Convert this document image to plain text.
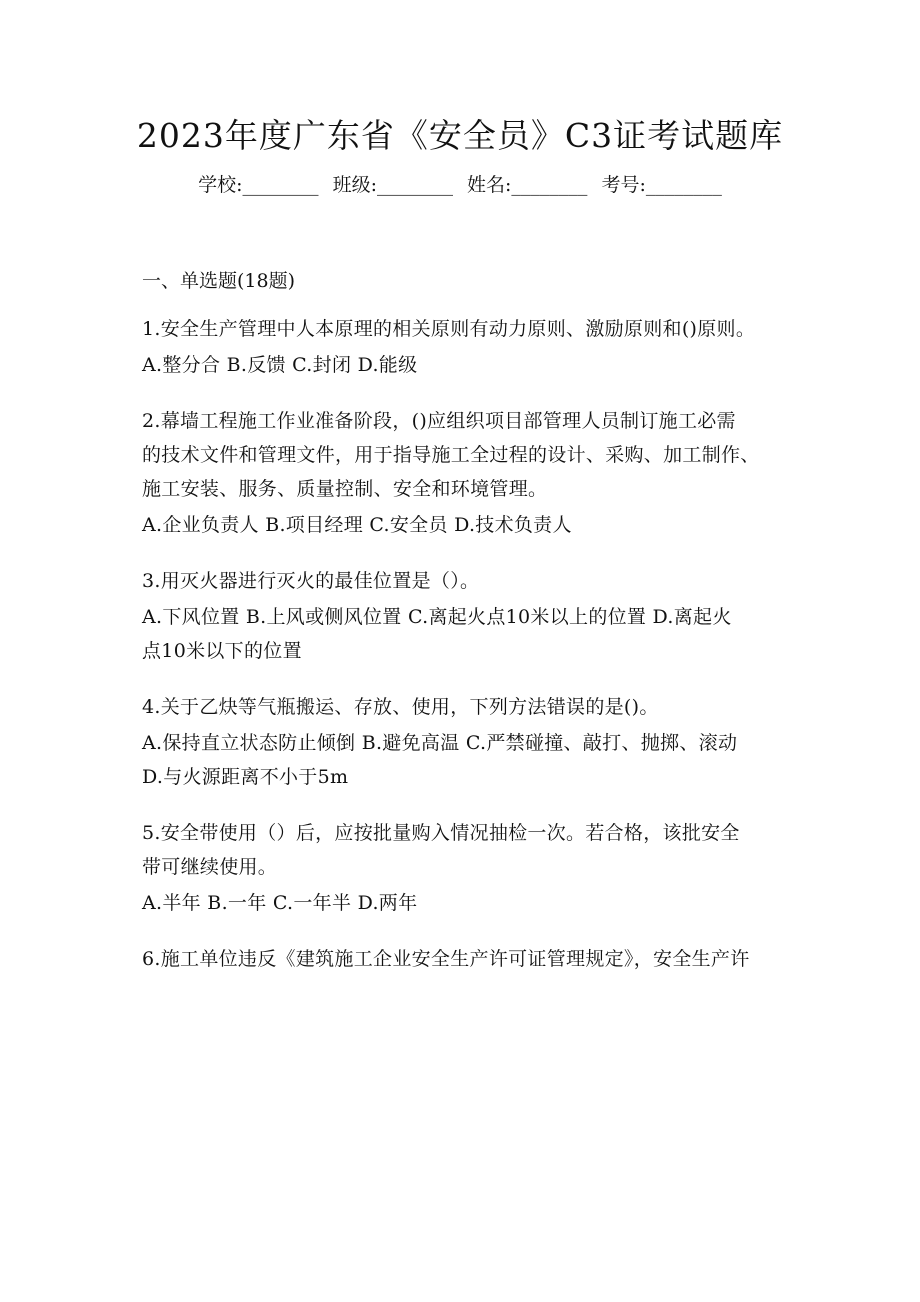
2023年度广东省《安全员》C3证考试题库
学校:________ 班级:________ 姓名:________ 考号:________
一、单选题(18题)
1.安全生产管理中人本原理的相关原则有动力原则、激励原则和()原则。
A.整分合 B.反馈 C.封闭 D.能级
2.幕墙工程施工作业准备阶段，()应组织项目部管理人员制订施工必需
的技术文件和管理文件，用于指导施工全过程的设计、采购、加工制作、
施工安装、服务、质量控制、安全和环境管理。
A.企业负责人 B.项目经理 C.安全员 D.技术负责人
3.用灭火器进行灭火的最佳位置是（）。
A.下风位置 B.上风或侧风位置 C.离起火点10米以上的位置 D.离起火
点10米以下的位置
4.关于乙炔等气瓶搬运、存放、使用，下列方法错误的是()。
A.保持直立状态防止倾倒 B.避免高温 C.严禁碰撞、敲打、抛掷、滚动
D.与火源距离不小于5m
5.安全带使用（）后，应按批量购入情况抽检一次。若合格，该批安全
带可继续使用。
A.半年 B.一年 C.一年半 D.两年
6.施工单位违反《建筑施工企业安全生产许可证管理规定》，安全生产许
